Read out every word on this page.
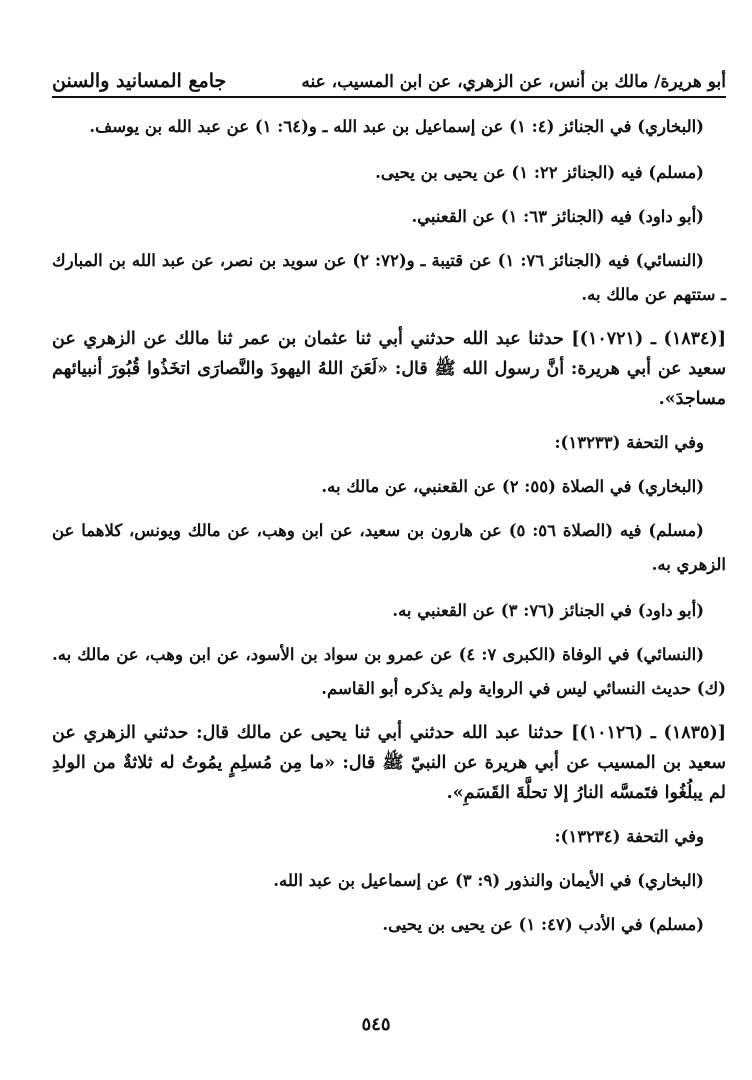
أبو هريرة/ مالك بن أنس، عن الزهري، عن ابن المسيب، عنه
جامع المسانيد والسنن

(البخاري) في الجنائز (٤: ١) عن إسماعيل بن عبد الله ـ و(٦٤: ١) عن عبد الله بن يوسف.

(مسلم) فيه (الجنائز ٢٢: ١) عن يحيى بن يحيى.

(أبو داود) فيه (الجنائز ٦٣: ١) عن القعنبي.

(النسائي) فيه (الجنائز ٧٦: ١) عن قتيبة ـ و(٧٢: ٢) عن سويد بن نصر، عن عبد الله بن المبارك ـ ستتهم عن مالك به.

[(١٨٣٤) ـ (١٠٧٢١)] حدثنا عبد الله حدثني أبي ثنا عثمان بن عمر ثنا مالك عن الزهري عن سعيد عن أبي هريرة: أنَّ رسول الله ﷺ قال: «لَعَنَ اللهُ اليهودَ والنَّصارَى اتخَذُوا قُبُورَ أنبيائهم مساجدَ».

وفي التحفة (١٣٢٣٣):

(البخاري) في الصلاة (٥٥: ٢) عن القعنبي، عن مالك به.

(مسلم) فيه (الصلاة ٥٦: ٥) عن هارون بن سعيد، عن ابن وهب، عن مالك ويونس، كلاهما عن الزهري به.

(أبو داود) في الجنائز (٧٦: ٣) عن القعنبي به.

(النسائي) في الوفاة (الكبرى ٧: ٤) عن عمرو بن سواد بن الأسود، عن ابن وهب، عن مالك به. (ك) حديث النسائي ليس في الرواية ولم يذكره أبو القاسم.

[(١٨٣٥) ـ (١٠١٢٦)] حدثنا عبد الله حدثني أبي ثنا يحيى عن مالك قال: حدثني الزهري عن سعيد بن المسيب عن أبي هريرة عن النبيّ ﷺ قال: «ما مِن مُسلِمٍ يمُوتُ له ثلاثةٌ من الولدِ لم يبلُغُوا فتَمسَّه النارُ إلا تحلَّةَ القَسَمِ».

وفي التحفة (١٣٢٣٤):

(البخاري) في الأيمان والنذور (٩: ٣) عن إسماعيل بن عبد الله.

(مسلم) في الأدب (٤٧: ١) عن يحيى بن يحيى.

٥٤٥
